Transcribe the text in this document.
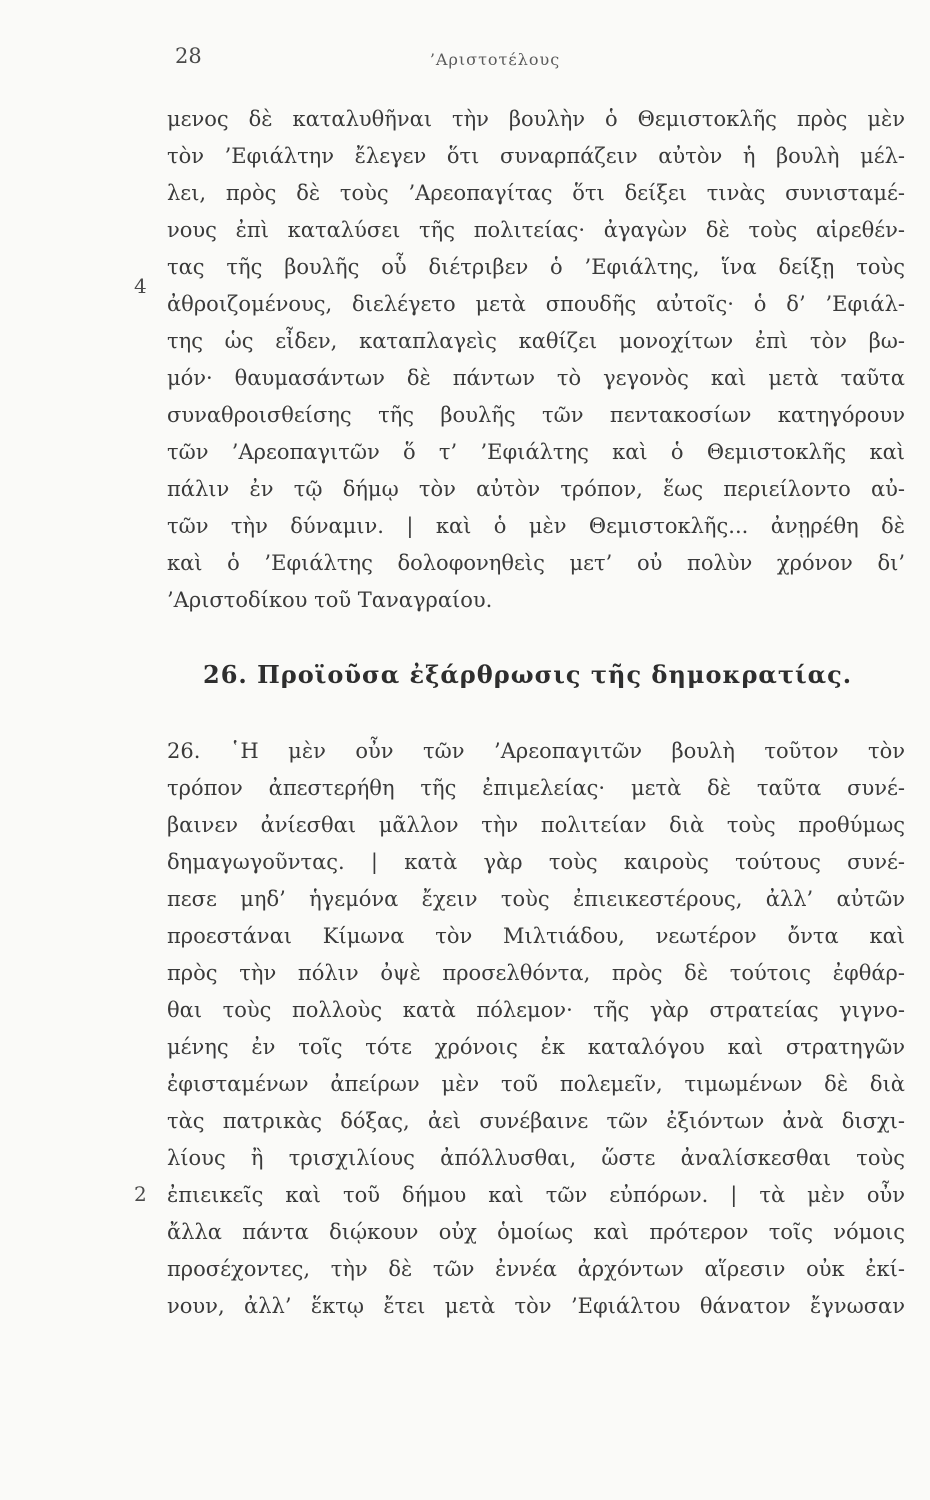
28	’Αριστοτέλους
4
2
μενος δὲ καταλυθῆναι τὴν βουλὴν ὁ Θεμιστοκλῆς πρὸς μὲν
τὸν ’Εφιάλτην ἔλεγεν ὅτι συναρπάζειν αὐτὸν ἡ βουλὴ μέλ-
λει, πρὸς δὲ τοὺς ’Αρεοπαγίτας ὅτι δείξει τινὰς συνισταμέ-
νους ἐπὶ καταλύσει τῆς πολιτείας· ἀγαγὼν δὲ τοὺς αἱρεθέν-
τας τῆς βουλῆς οὗ διέτριβεν ὁ ’Εφιάλτης, ἵνα δείξῃ τοὺς
ἀθροιζομένους, διελέγετο μετὰ σπουδῆς αὐτοῖς· ὁ δ’ ’Εφιάλ-
της ὡς εἶδεν, καταπλαγεὶς καθίζει μονοχίτων ἐπὶ τὸν βω-
μόν· θαυμασάντων δὲ πάντων τὸ γεγονὸς καὶ μετὰ ταῦτα
συναθροισθείσης τῆς βουλῆς τῶν πεντακοσίων κατηγόρουν
τῶν ’Αρεοπαγιτῶν ὅ τ’ ’Εφιάλτης καὶ ὁ Θεμιστοκλῆς καὶ
πάλιν ἐν τῷ δήμῳ τὸν αὐτὸν τρόπον, ἕως περιείλοντο αὐ-
τῶν τὴν δύναμιν. | καὶ ὁ μὲν Θεμιστοκλῆς... ἀνῃρέθη δὲ
καὶ ὁ ’Εφιάλτης δολοφονηθεὶς μετ’ οὐ πολὺν χρόνον δι’
’Αριστοδίκου τοῦ Ταναγραίου.
26. Προϊοῦσα ἐξάρθρωσις τῆς δημοκρατίας.
26. ῾Η μὲν οὖν τῶν ’Αρεοπαγιτῶν βουλὴ τοῦτον τὸν
τρόπον ἀπεστερήθη τῆς ἐπιμελείας· μετὰ δὲ ταῦτα συνέ-
βαινεν ἀνίεσθαι μᾶλλον τὴν πολιτείαν διὰ τοὺς προθύμως
δημαγωγοῦντας. | κατὰ γὰρ τοὺς καιροὺς τούτους συνέ-
πεσε μηδ’ ἡγεμόνα ἔχειν τοὺς ἐπιεικεστέρους, ἀλλ’ αὐτῶν
προεστάναι Κίμωνα τὸν Μιλτιάδου, νεωτέρον ὄντα καὶ
πρὸς τὴν πόλιν ὀψὲ προσελθόντα, πρὸς δὲ τούτοις ἐφθάρ-
θαι τοὺς πολλοὺς κατὰ πόλεμον· τῆς γὰρ στρατείας γιγνο-
μένης ἐν τοῖς τότε χρόνοις ἐκ καταλόγου καὶ στρατηγῶν
ἐφισταμένων ἀπείρων μὲν τοῦ πολεμεῖν, τιμωμένων δὲ διὰ
τὰς πατρικὰς δόξας, ἀεὶ συνέβαινε τῶν ἐξιόντων ἀνὰ δισχι-
λίους ἢ τρισχιλίους ἀπόλλυσθαι, ὥστε ἀναλίσκεσθαι τοὺς
ἐπιεικεῖς καὶ τοῦ δήμου καὶ τῶν εὐπόρων. | τὰ μὲν οὖν
ἄλλα πάντα διῴκουν οὐχ ὁμοίως καὶ πρότερον τοῖς νόμοις
προσέχοντες, τὴν δὲ τῶν ἐννέα ἀρχόντων αἵρεσιν οὐκ ἐκί-
νουν, ἀλλ’ ἕκτῳ ἔτει μετὰ τὸν ’Εφιάλτου θάνατον ἔγνωσαν
